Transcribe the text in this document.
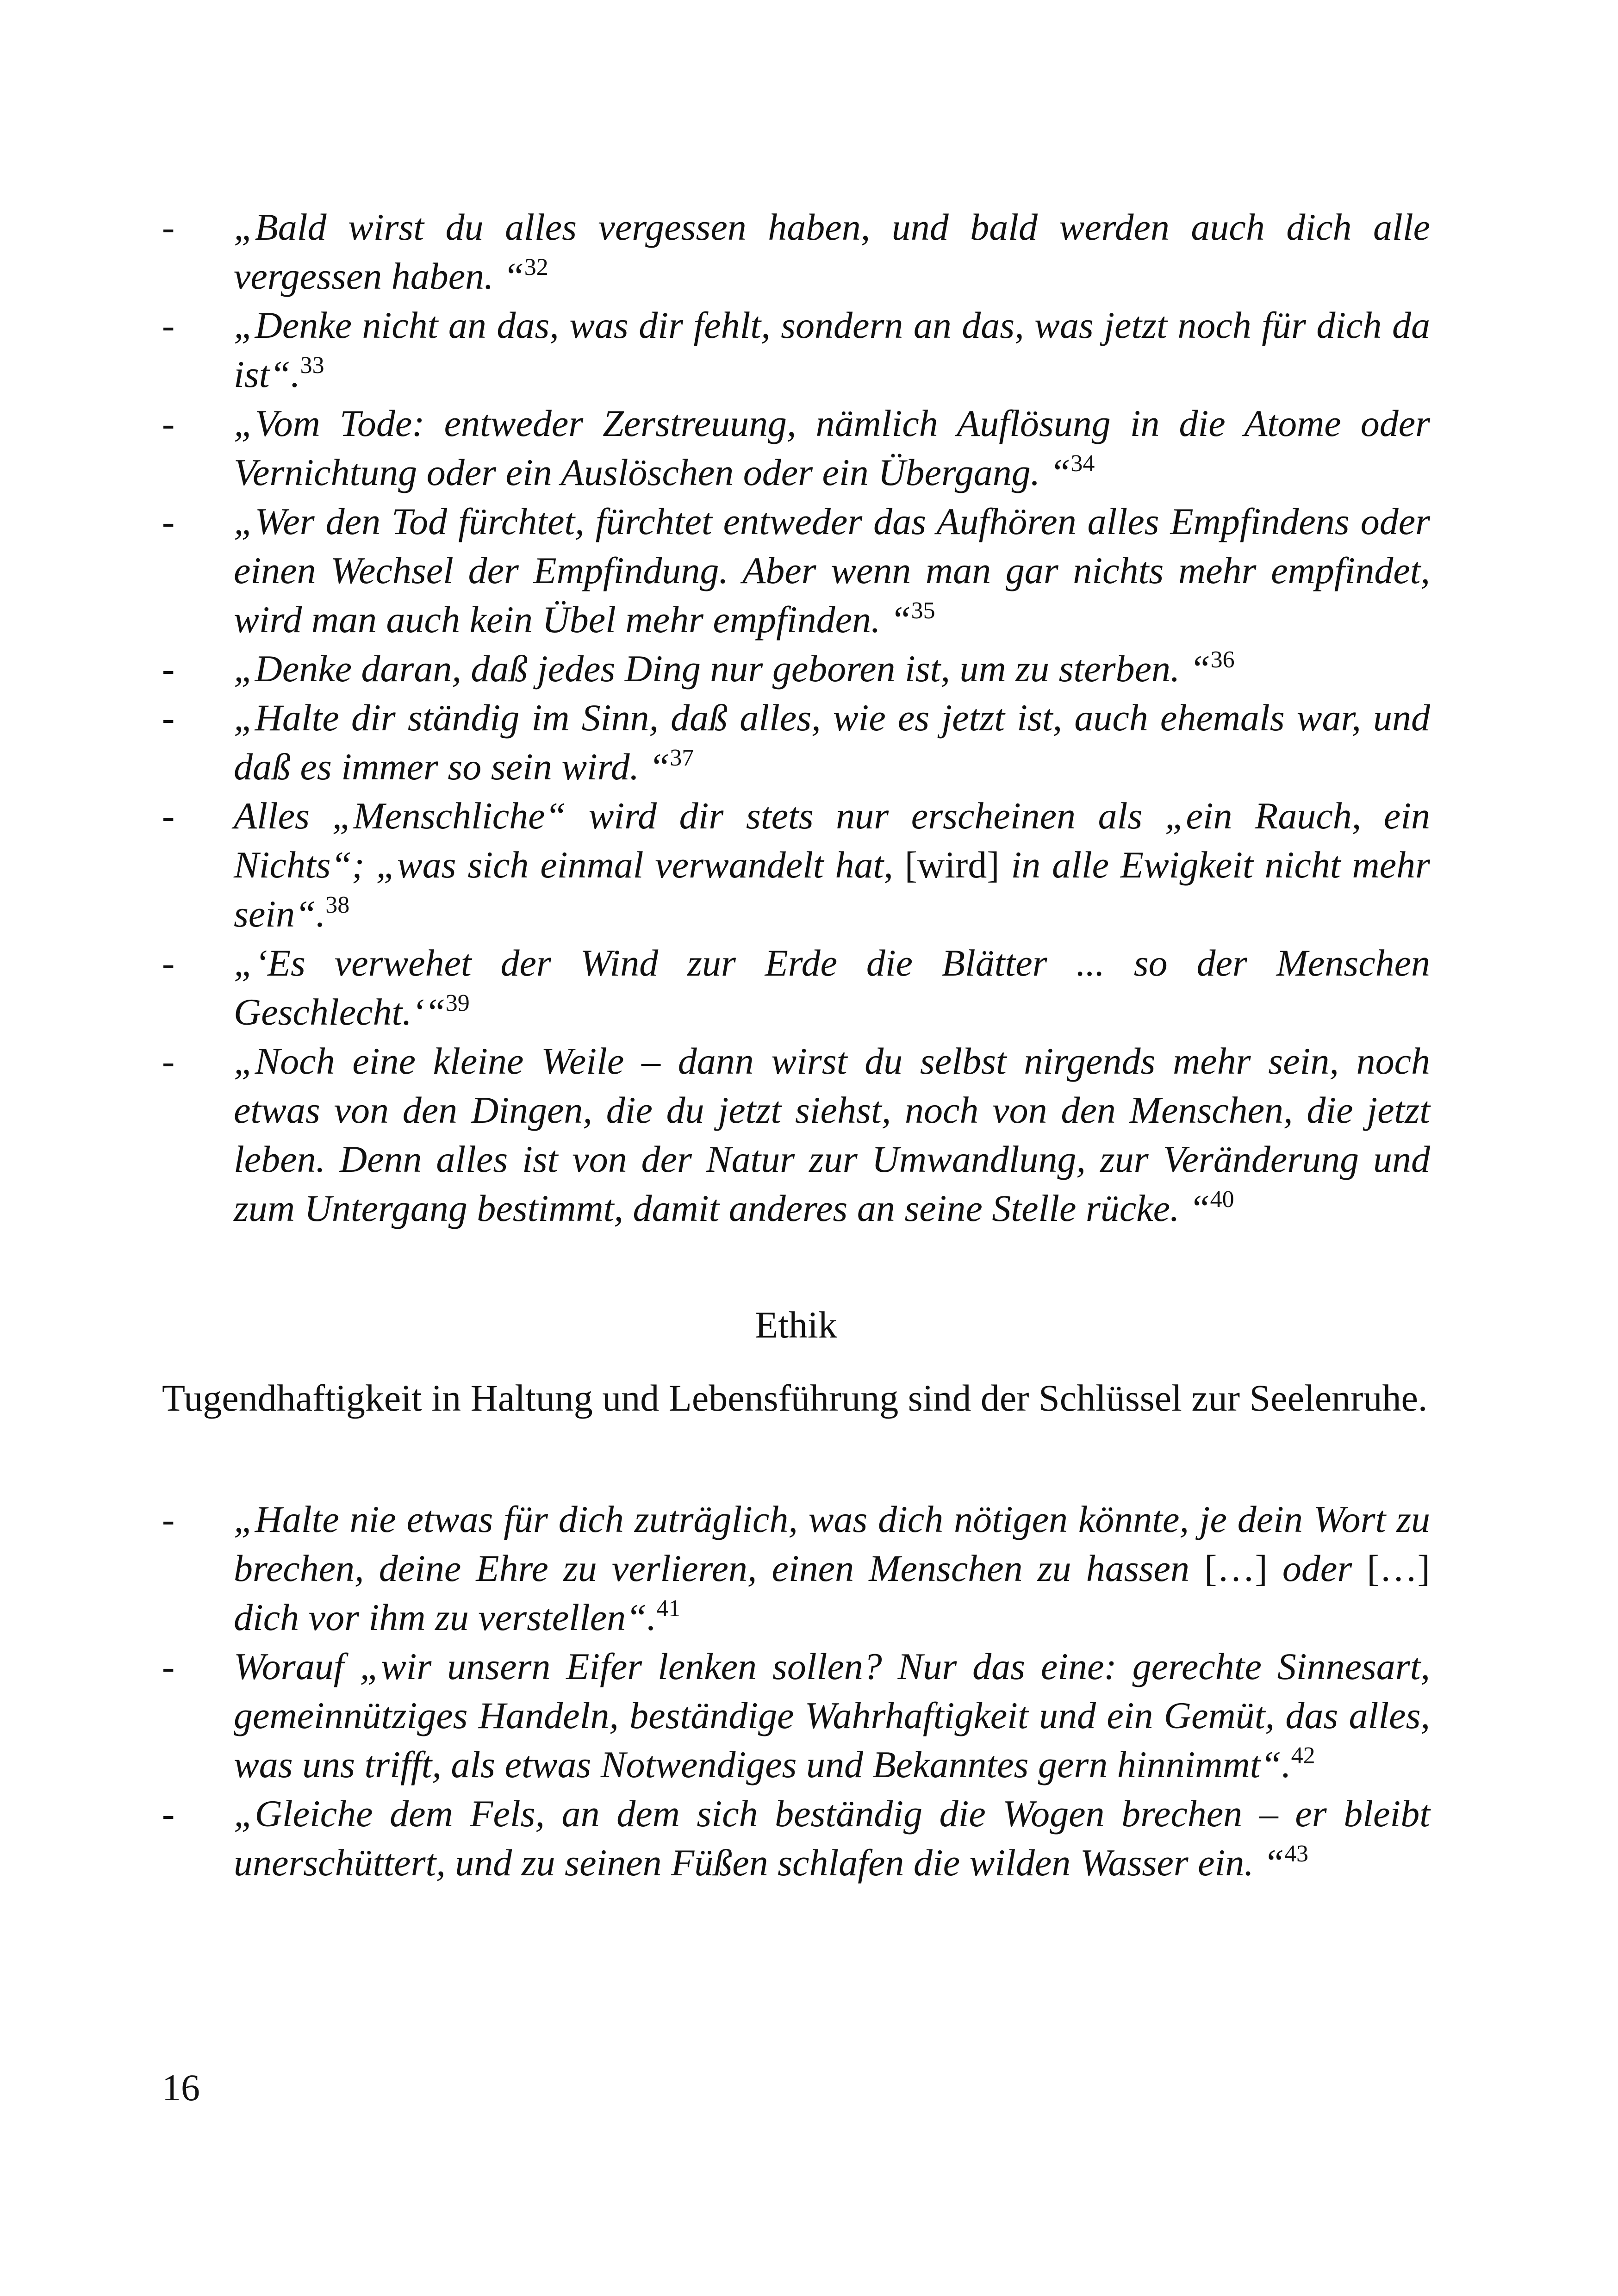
- „Bald wirst du alles vergessen haben, und bald werden auch dich alle vergessen haben. “$^{32}$
- „Denke nicht an das, was dir fehlt, sondern an das, was jetzt noch für dich da ist“.$^{33}$
- „Vom Tode: entweder Zerstreuung, nämlich Auflösung in die Atome oder Vernichtung oder ein Auslöschen oder ein Übergang. “$^{34}$
- „Wer den Tod fürchtet, fürchtet entweder das Aufhören alles Empfindens oder einen Wechsel der Empfindung. Aber wenn man gar nichts mehr empfindet, wird man auch kein Übel mehr empfinden. “$^{35}$
- „Denke daran, daß jedes Ding nur geboren ist, um zu sterben. “$^{36}$
- „Halte dir ständig im Sinn, daß alles, wie es jetzt ist, auch ehemals war, und daß es immer so sein wird. “$^{37}$
- Alles „Menschliche“ wird dir stets nur erscheinen als „ein Rauch, ein Nichts“; „was sich einmal verwandelt hat, [wird] in alle Ewigkeit nicht mehr sein“.$^{38}$
- „‘Es verwehet der Wind zur Erde die Blätter ... so der Menschen Geschlecht.‘“$^{39}$
- „Noch eine kleine Weile – dann wirst du selbst nirgends mehr sein, noch etwas von den Dingen, die du jetzt siehst, noch von den Menschen, die jetzt leben. Denn alles ist von der Natur zur Umwandlung, zur Veränderung und zum Untergang bestimmt, damit anderes an seine Stelle rücke. “$^{40}$
Ethik

Tugendhaftigkeit in Haltung und Lebensführung sind der Schlüssel zur Seelenruhe.

- „Halte nie etwas für dich zuträglich, was dich nötigen könnte, je dein Wort zu brechen, deine Ehre zu verlieren, einen Menschen zu hassen […] oder […] dich vor ihm zu verstellen“.$^{41}$
- Worauf „wir unsern Eifer lenken sollen? Nur das eine: gerechte Sinnesart, gemeinnütziges Handeln, beständige Wahrhaftigkeit und ein Gemüt, das alles, was uns trifft, als etwas Notwendiges und Bekanntes gern hinnimmt“.$^{42}$
- „Gleiche dem Fels, an dem sich beständig die Wogen brechen – er bleibt unerschüttert, und zu seinen Füßen schlafen die wilden Wasser ein. “$^{43}$
16
